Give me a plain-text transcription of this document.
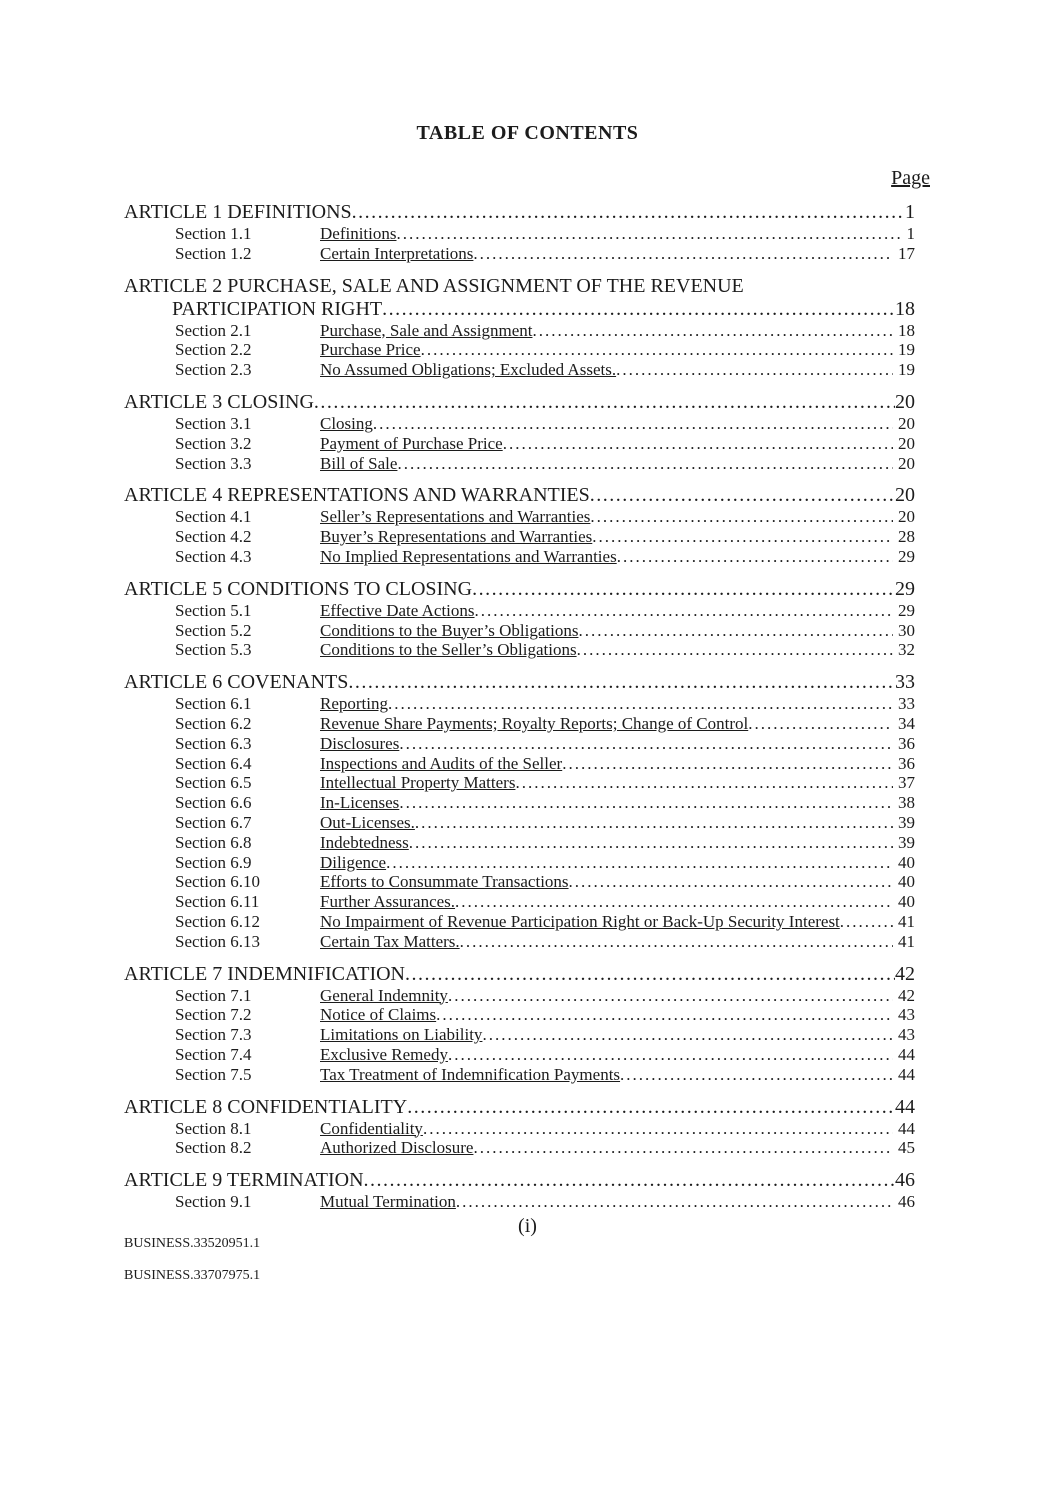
TABLE OF CONTENTS
Page
ARTICLE 1 DEFINITIONS .....	1
Section 1.1	Definitions .....	1
Section 1.2	Certain Interpretations .....	17
ARTICLE 2 PURCHASE, SALE AND ASSIGNMENT OF THE REVENUE
PARTICIPATION RIGHT .....	18
Section 2.1	Purchase, Sale and Assignment .....	18
Section 2.2	Purchase Price .....	19
Section 2.3	No Assumed Obligations; Excluded Assets. .....	19
ARTICLE 3 CLOSING .....	20
Section 3.1	Closing .....	20
Section 3.2	Payment of Purchase Price .....	20
Section 3.3	Bill of Sale .....	20
ARTICLE 4 REPRESENTATIONS AND WARRANTIES .....	20
Section 4.1	Seller’s Representations and Warranties .....	20
Section 4.2	Buyer’s Representations and Warranties .....	28
Section 4.3	No Implied Representations and Warranties .....	29
ARTICLE 5 CONDITIONS TO CLOSING .....	29
Section 5.1	Effective Date Actions .....	29
Section 5.2	Conditions to the Buyer’s Obligations .....	30
Section 5.3	Conditions to the Seller’s Obligations .....	32
ARTICLE 6 COVENANTS .....	33
Section 6.1	Reporting .....	33
Section 6.2	Revenue Share Payments; Royalty Reports; Change of Control .....	34
Section 6.3	Disclosures .....	36
Section 6.4	Inspections and Audits of the Seller .....	36
Section 6.5	Intellectual Property Matters .....	37
Section 6.6	In-Licenses .....	38
Section 6.7	Out-Licenses. .....	39
Section 6.8	Indebtedness .....	39
Section 6.9	Diligence .....	40
Section 6.10	Efforts to Consummate Transactions .....	40
Section 6.11	Further Assurances. .....	40
Section 6.12	No Impairment of Revenue Participation Right or Back-Up Security Interest .....	41
Section 6.13	Certain Tax Matters. .....	41
ARTICLE 7 INDEMNIFICATION .....	42
Section 7.1	General Indemnity .....	42
Section 7.2	Notice of Claims .....	43
Section 7.3	Limitations on Liability .....	43
Section 7.4	Exclusive Remedy .....	44
Section 7.5	Tax Treatment of Indemnification Payments .....	44
ARTICLE 8 CONFIDENTIALITY .....	44
Section 8.1	Confidentiality .....	44
Section 8.2	Authorized Disclosure .....	45
ARTICLE 9 TERMINATION .....	46
Section 9.1	Mutual Termination .....	46
(i)
BUSINESS.33520951.1
BUSINESS.33707975.1
